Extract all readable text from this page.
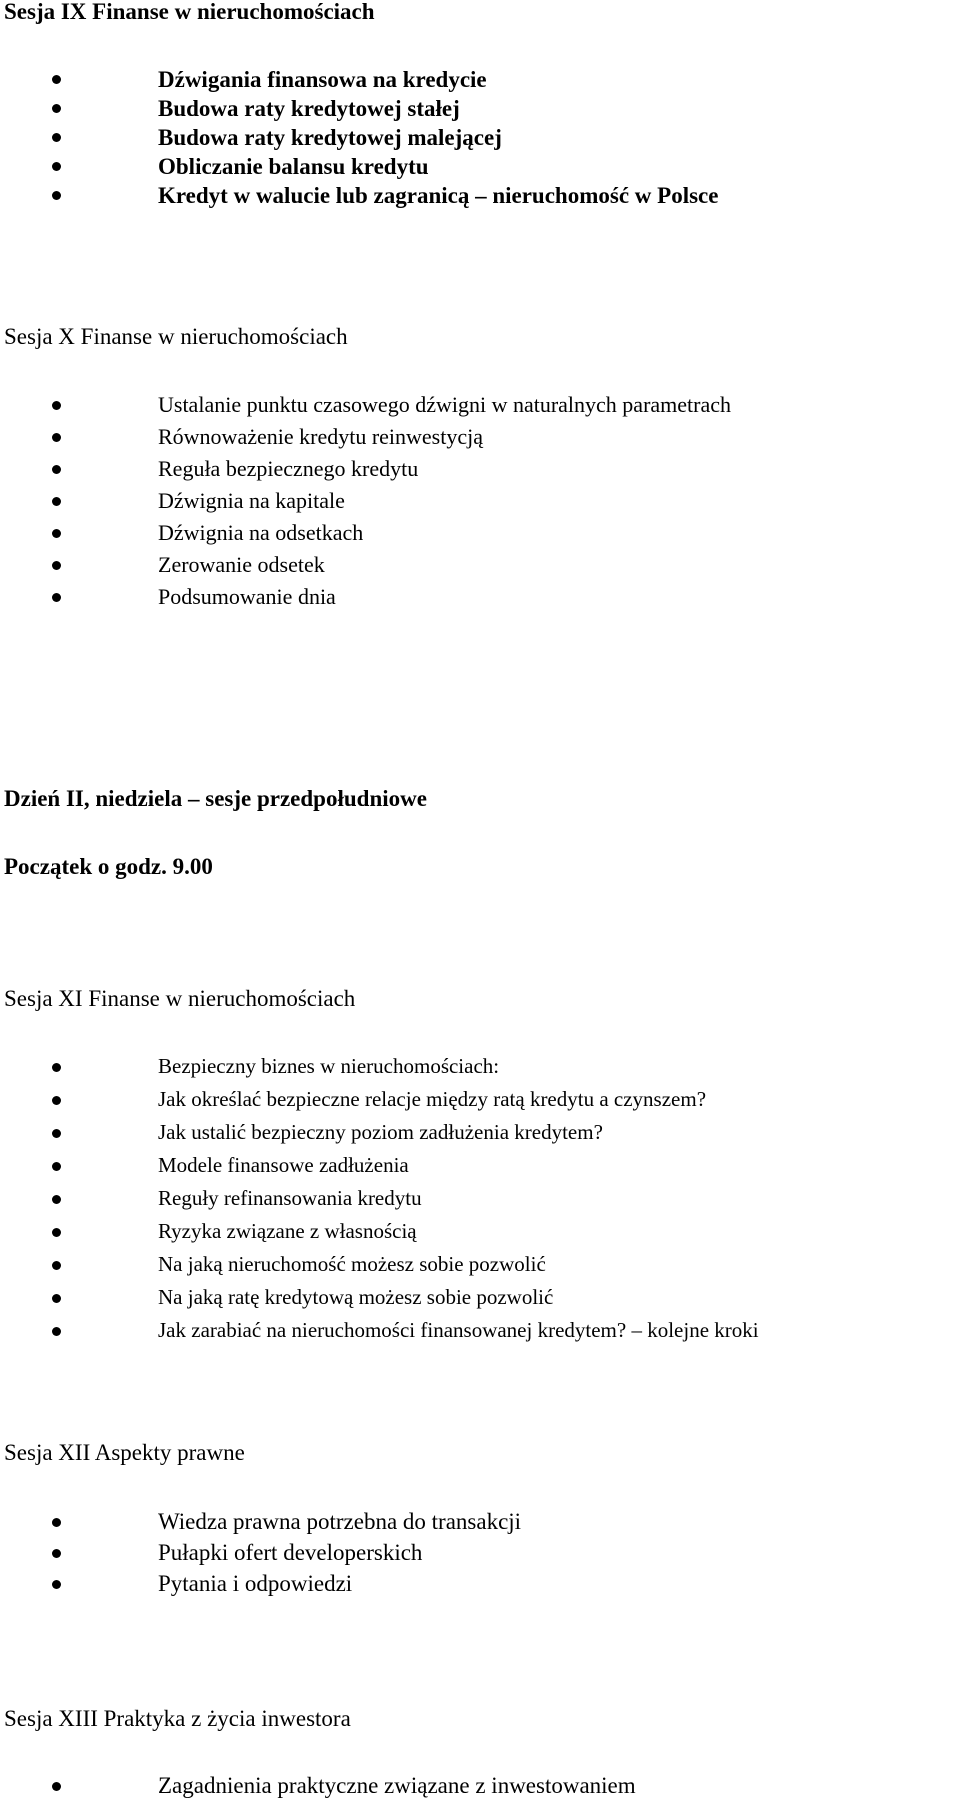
Sesja IX Finanse w nieruchomościach
Dźwigania finansowa na kredycie
Budowa raty kredytowej stałej
Budowa raty kredytowej malejącej
Obliczanie balansu kredytu
Kredyt w walucie lub zagranicą – nieruchomość w Polsce
Sesja X Finanse w nieruchomościach
Ustalanie punktu czasowego dźwigni w naturalnych parametrach
Równoważenie kredytu reinwestycją
Reguła bezpiecznego kredytu
Dźwignia na kapitale
Dźwignia na odsetkach
Zerowanie odsetek
Podsumowanie dnia
Dzień II, niedziela – sesje przedpołudniowe
Początek o godz. 9.00
Sesja XI Finanse w nieruchomościach
Bezpieczny biznes w nieruchomościach:
Jak określać bezpieczne relacje między ratą kredytu a czynszem?
Jak ustalić bezpieczny poziom zadłużenia kredytem?
Modele finansowe zadłużenia
Reguły refinansowania kredytu
Ryzyka związane z własnością
Na jaką nieruchomość możesz sobie pozwolić
Na jaką ratę kredytową możesz sobie pozwolić
Jak zarabiać na nieruchomości finansowanej kredytem? – kolejne kroki
Sesja XII Aspekty prawne
Wiedza prawna potrzebna do transakcji
Pułapki ofert developerskich
Pytania i odpowiedzi
Sesja XIII Praktyka z życia inwestora
Zagadnienia praktyczne związane z inwestowaniem
